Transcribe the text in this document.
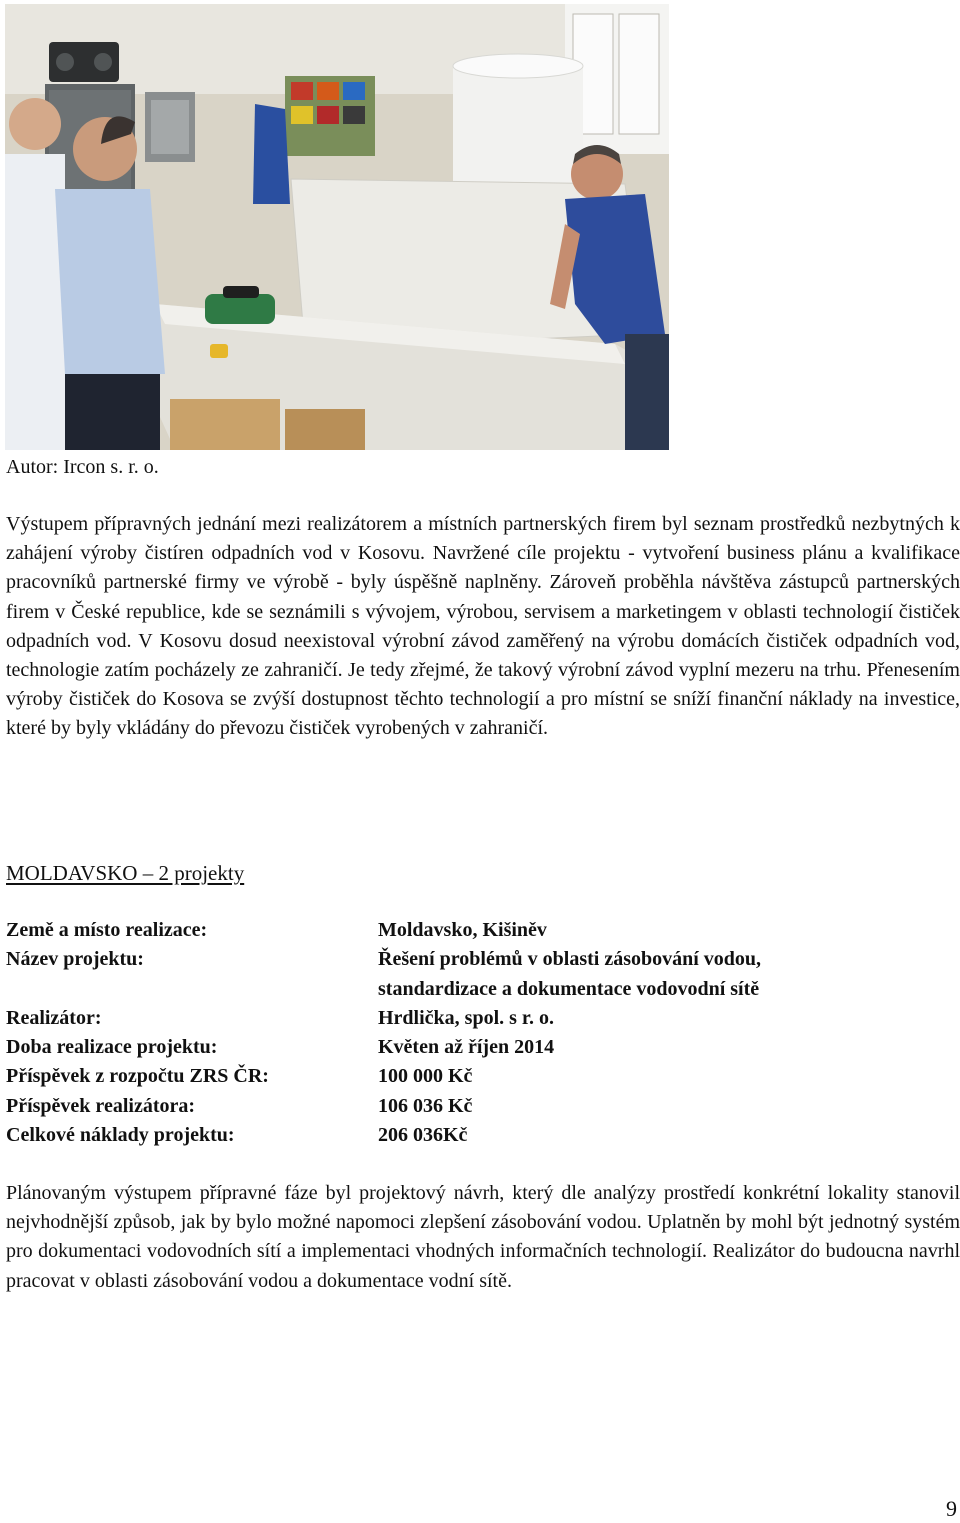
Autor: Ircon s. r. o.

Výstupem přípravných jednání mezi realizátorem a místních partnerských firem byl seznam prostředků nezbytných k zahájení výroby čistíren odpadních vod v Kosovu. Navržené cíle projektu - vytvoření business plánu a kvalifikace pracovníků partnerské firmy ve výrobě - byly úspěšně naplněny. Zároveň proběhla návštěva zástupců partnerských firem v České republice, kde se seznámili s vývojem, výrobou, servisem a marketingem v oblasti technologií čističek odpadních vod. V Kosovu dosud neexistoval výrobní závod zaměřený na výrobu domácích čističek odpadních vod, technologie zatím pocházely ze zahraničí. Je tedy zřejmé, že takový výrobní závod vyplní mezeru na trhu. Přenesením výroby čističek do Kosova se zvýší dostupnost těchto technologií a pro místní se sníží finanční náklady na investice, které by byly vkládány do převozu čističek vyrobených v zahraničí.

MOLDAVSKO – 2 projekty
Země a místo realizace:	Moldavsko, Kišiněv
Název projektu:	Řešení problémů v oblasti zásobování vodou,
standardizace a dokumentace vodovodní sítě
Realizátor:	Hrdlička, spol. s r. o.
Doba realizace projektu:	Květen až říjen 2014
Příspěvek z rozpočtu ZRS ČR:	100 000 Kč
Příspěvek realizátora:	106 036 Kč
Celkové náklady projektu:	206 036Kč

Plánovaným výstupem přípravné fáze byl projektový návrh, který dle analýzy prostředí konkrétní lokality stanovil nejvhodnější způsob, jak by bylo možné napomoci zlepšení zásobování vodou. Uplatněn by mohl být jednotný systém pro dokumentaci vodovodních sítí a implementaci vhodných informačních technologií. Realizátor do budoucna navrhl pracovat v oblasti zásobování vodou a dokumentace vodní sítě.

9
